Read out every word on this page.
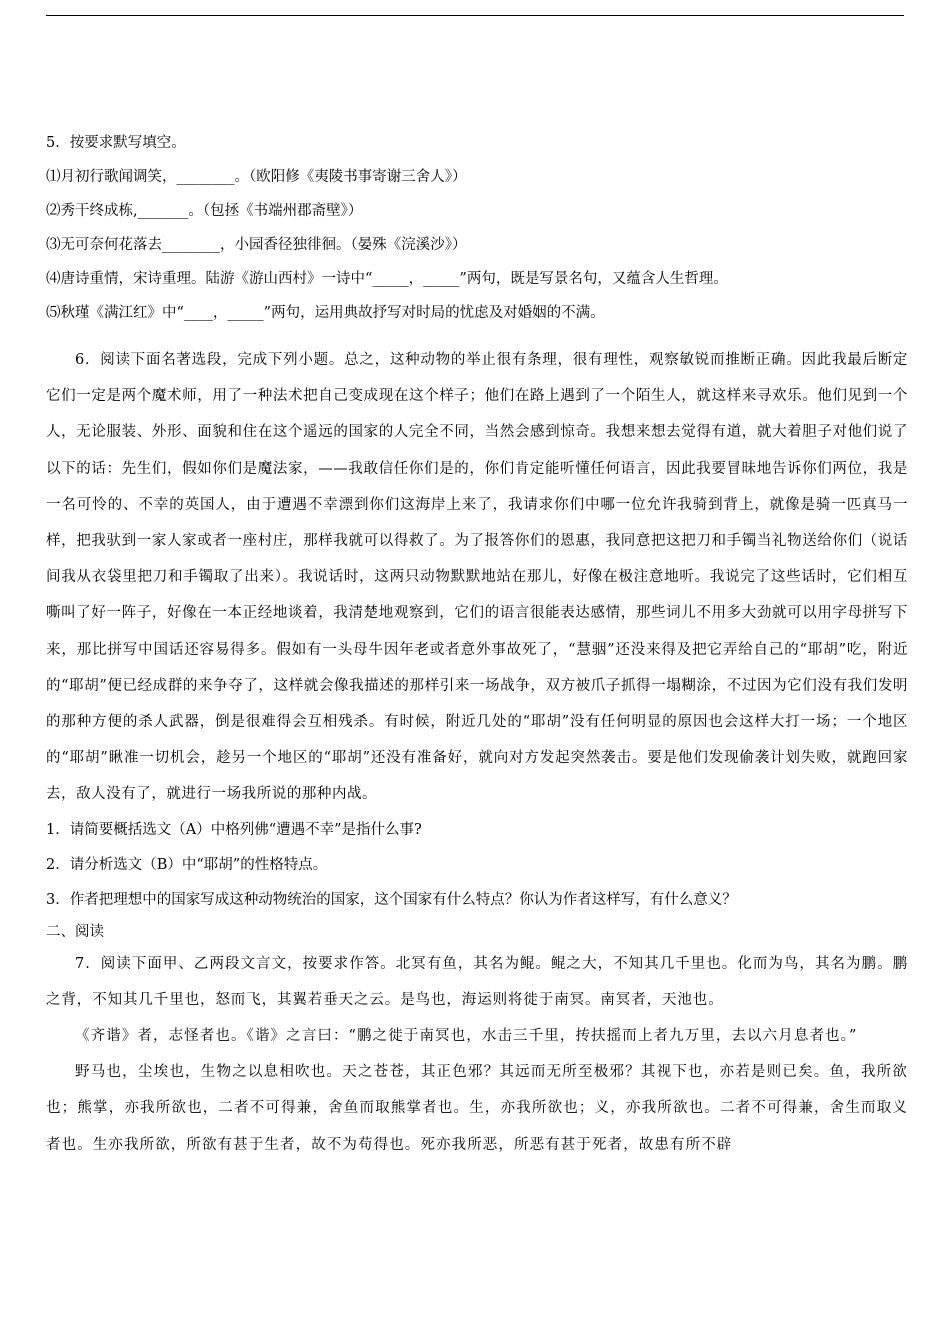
5．按要求默写填空。
⑴月初行歌闻调笑，________。（欧阳修《夷陵书事寄谢三舍人》）
⑵秀干终成栋,_______。（包拯《书端州郡斋壁》）
⑶无可奈何花落去________，小园香径独徘徊。（晏殊《浣溪沙》）
⑷唐诗重情，宋诗重理。陆游《游山西村》一诗中“_____，_____”两句，既是写景名句，又蕴含人生哲理。
⑸秋瑾《满江红》中“____，_____”两句，运用典故抒写对时局的忧虑及对婚姻的不满。

6．阅读下面名著选段，完成下列小题。总之，这种动物的举止很有条理，很有理性，观察敏锐而推断正确。因此我最后断定它们一定是两个魔术师，用了一种法术把自己变成现在这个样子；他们在路上遇到了一个陌生人，就这样来寻欢乐。他们见到一个人，无论服装、外形、面貌和住在这个遥远的国家的人完全不同，当然会感到惊奇。我想来想去觉得有道，就大着胆子对他们说了以下的话：先生们，假如你们是魔法家，——我敢信任你们是的，你们肯定能听懂任何语言，因此我要冒昧地告诉你们两位，我是一名可怜的、不幸的英国人，由于遭遇不幸漂到你们这海岸上来了，我请求你们中哪一位允许我骑到背上，就像是骑一匹真马一样，把我驮到一家人家或者一座村庄，那样我就可以得救了。为了报答你们的恩惠，我同意把这把刀和手镯当礼物送给你们（说话间我从衣袋里把刀和手镯取了出来）。我说话时，这两只动物默默地站在那儿，好像在极注意地听。我说完了这些话时，它们相互嘶叫了好一阵子，好像在一本正经地谈着，我清楚地观察到，它们的语言很能表达感情，那些词儿不用多大劲就可以用字母拼写下来，那比拼写中国话还容易得多。假如有一头母牛因年老或者意外事故死了，“慧骃”还没来得及把它弄给自己的“耶胡”吃，附近的“耶胡”便已经成群的来争夺了，这样就会像我描述的那样引来一场战争，双方被爪子抓得一塌糊涂，不过因为它们没有我们发明的那种方便的杀人武器，倒是很难得会互相残杀。有时候，附近几处的“耶胡”没有任何明显的原因也会这样大打一场；一个地区的“耶胡”瞅准一切机会，趁另一个地区的“耶胡”还没有准备好，就向对方发起突然袭击。要是他们发现偷袭计划失败，就跑回家去，敌人没有了，就进行一场我所说的那种内战。

1．请简要概括选文（A）中格列佛“遭遇不幸”是指什么事?
2．请分析选文（B）中“耶胡”的性格特点。
3．作者把理想中的国家写成这种动物统治的国家，这个国家有什么特点？你认为作者这样写，有什么意义？
二、阅读

7．阅读下面甲、乙两段文言文，按要求作答。北冥有鱼，其名为鲲。鲲之大，不知其几千里也。化而为鸟，其名为鹏。鹏之背，不知其几千里也，怒而飞，其翼若垂天之云。是鸟也，海运则将徙于南冥。南冥者，天池也。

《齐谐》者，志怪者也。《谐》之言曰：“鹏之徙于南冥也，水击三千里，抟扶摇而上者九万里，去以六月息者也。”

野马也，尘埃也，生物之以息相吹也。天之苍苍，其正色邪？其远而无所至极邪？其视下也，亦若是则已矣。鱼，我所欲也；熊掌，亦我所欲也，二者不可得兼，舍鱼而取熊掌者也。生，亦我所欲也；义，亦我所欲也。二者不可得兼，舍生而取义者也。生亦我所欲，所欲有甚于生者，故不为苟得也。死亦我所恶，所恶有甚于死者，故患有所不辟
